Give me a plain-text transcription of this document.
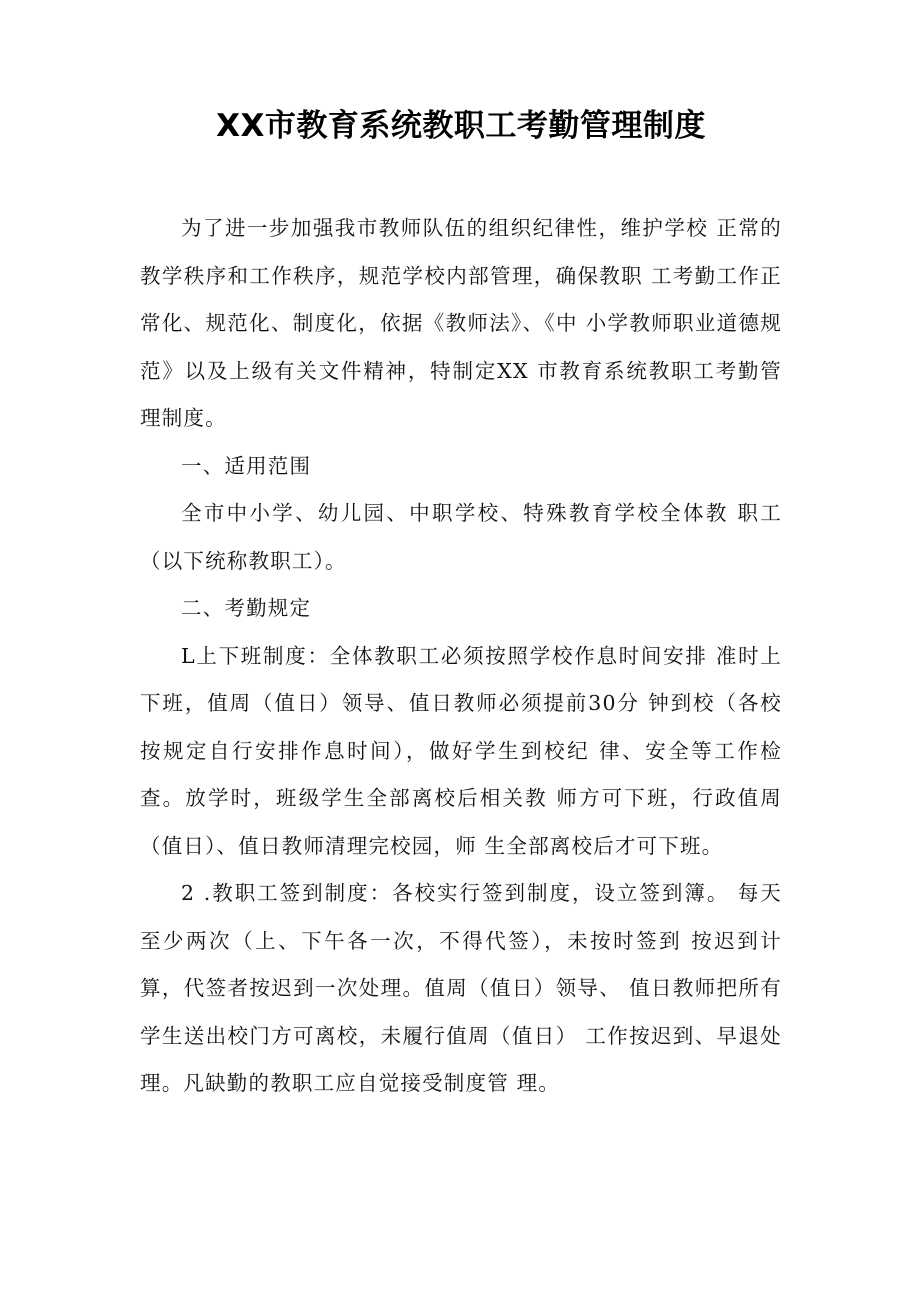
XX市教育系统教职工考勤管理制度

为了进一步加强我市教师队伍的组织纪律性，维护学校 正常的教学秩序和工作秩序，规范学校内部管理，确保教职 工考勤工作正常化、规范化、制度化，依据《教师法》、《中 小学教师职业道德规范》以及上级有关文件精神，特制定XX 市教育系统教职工考勤管理制度。

一、适用范围

全市中小学、幼儿园、中职学校、特殊教育学校全体教 职工（以下统称教职工）。

二、考勤规定

L上下班制度：全体教职工必须按照学校作息时间安排 准时上下班，值周（值日）领导、值日教师必须提前30分 钟到校（各校按规定自行安排作息时间），做好学生到校纪 律、安全等工作检查。放学时，班级学生全部离校后相关教 师方可下班，行政值周（值日）、值日教师清理完校园，师 生全部离校后才可下班。

2 .教职工签到制度：各校实行签到制度，设立签到簿。 每天至少两次（上、下午各一次，不得代签），未按时签到 按迟到计算，代签者按迟到一次处理。值周（值日）领导、 值日教师把所有学生送出校门方可离校，未履行值周（值日） 工作按迟到、早退处理。凡缺勤的教职工应自觉接受制度管 理。
